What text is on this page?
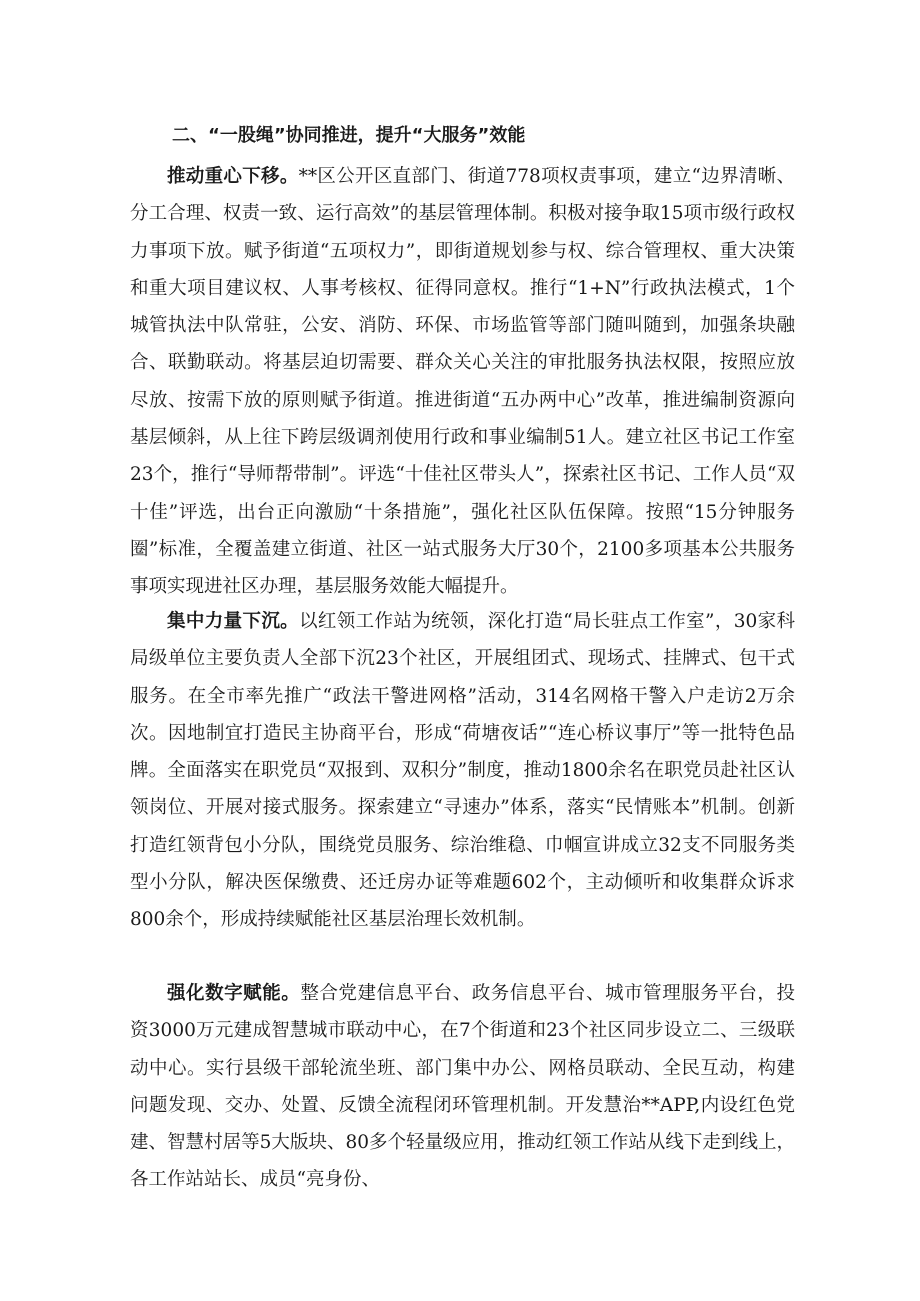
二、“一股绳”协同推进，提升“大服务”效能

推动重心下移。**区公开区直部门、街道778项权责事项，建立“边界清晰、分工合理、权责一致、运行高效”的基层管理体制。积极对接争取15项市级行政权力事项下放。赋予街道“五项权力”，即街道规划参与权、综合管理权、重大决策和重大项目建议权、人事考核权、征得同意权。推行“1+N”行政执法模式，1个城管执法中队常驻，公安、消防、环保、市场监管等部门随叫随到，加强条块融合、联勤联动。将基层迫切需要、群众关心关注的审批服务执法权限，按照应放尽放、按需下放的原则赋予街道。推进街道“五办两中心”改革，推进编制资源向基层倾斜，从上往下跨层级调剂使用行政和事业编制51人。建立社区书记工作室23个，推行“导师帮带制”。评选“十佳社区带头人”，探索社区书记、工作人员“双十佳”评选，出台正向激励“十条措施”，强化社区队伍保障。按照“15分钟服务圈”标准，全覆盖建立街道、社区一站式服务大厅30个，2100多项基本公共服务事项实现进社区办理，基层服务效能大幅提升。

集中力量下沉。以红领工作站为统领，深化打造“局长驻点工作室”，30家科局级单位主要负责人全部下沉23个社区，开展组团式、现场式、挂牌式、包干式服务。在全市率先推广“政法干警进网格”活动，314名网格干警入户走访2万余次。因地制宜打造民主协商平台，形成“荷塘夜话”“连心桥议事厅”等一批特色品牌。全面落实在职党员“双报到、双积分”制度，推动1800余名在职党员赴社区认领岗位、开展对接式服务。探索建立“寻速办”体系，落实“民情账本”机制。创新打造红领背包小分队，围绕党员服务、综治维稳、巾帼宣讲成立32支不同服务类型小分队，解决医保缴费、还迁房办证等难题602个，主动倾听和收集群众诉求800余个，形成持续赋能社区基层治理长效机制。

强化数字赋能。整合党建信息平台、政务信息平台、城市管理服务平台，投资3000万元建成智慧城市联动中心，在7个街道和23个社区同步设立二、三级联动中心。实行县级干部轮流坐班、部门集中办公、网格员联动、全民互动，构建问题发现、交办、处置、反馈全流程闭环管理机制。开发慧治**APP,内设红色党建、智慧村居等5大版块、80多个轻量级应用，推动红领工作站从线下走到线上，各工作站站长、成员“亮身份、
